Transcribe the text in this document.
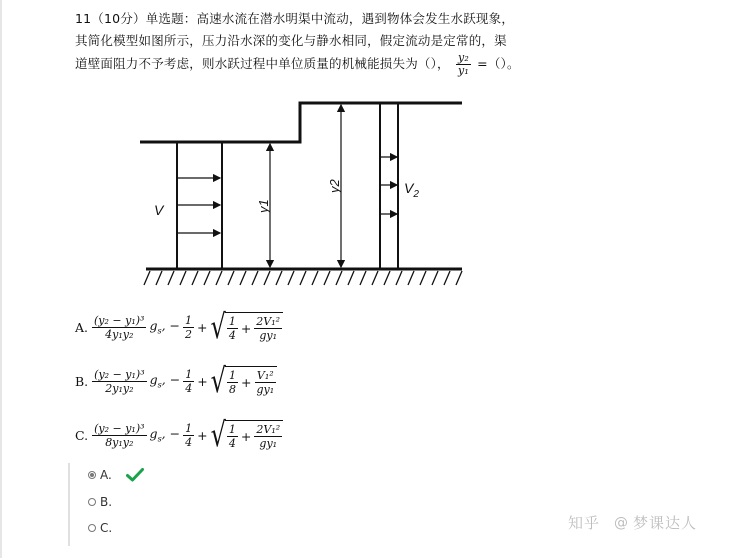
11（10分）单选题：高速水流在潜水明渠中流动，遇到物体会发生水跃现象，
其简化模型如图所示，压力沿水深的变化与静水相同，假定流动是定常的，渠
道壁面阻力不予考虑，则水跃过程中单位质量的机械能损失为（）， $\frac{\text{y₂}}{\text{y₁}}$ =（）。
V	y1
y2	$V_2$
A. $\frac{\text{(y₂ − y₁)³}}{\text{4y₁y₂}} g_s$, − $\frac{1}{2}$ + √ 1
$4 + \frac{\text{2V₁²}}{\text{gy₁}}$
B. $\frac{\text{(y₂ − y₁)³}}{\text{2y₁y₂}} g_s$, − $\frac{1}{4}$ + √ 1
$8 + \frac{\text{V₁²}}{\text{gy₁}}$
C. $\frac{\text{(y₂ − y₁)³}}{\text{8y₁y₂}} g_s$, − $\frac{1}{4}$ + √ 1
$4 + \frac{\text{2V₁²}}{\text{gy₁}}$
A.
B.
C.	知乎 @ 梦课达人
